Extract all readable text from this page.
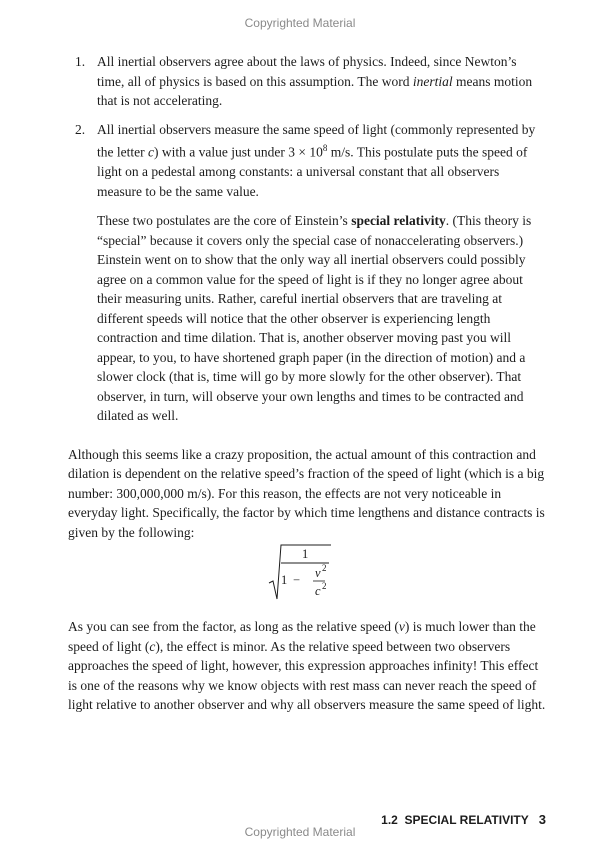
Copyrighted Material
1. All inertial observers agree about the laws of physics. Indeed, since Newton’s time, all of physics is based on this assumption. The word inertial means motion that is not accelerating.

2. All inertial observers measure the same speed of light (commonly represented by the letter c) with a value just under $3 \times 10^8$ m/s. This postulate puts the speed of light on a pedestal among constants: a universal constant that all observers measure to be the same value.

These two postulates are the core of Einstein’s special relativity. (This theory is “special” because it covers only the special case of nonaccelerating observers.) Einstein went on to show that the only way all inertial observers could possibly agree on a common value for the speed of light is if they no longer agree about their measuring units. Rather, careful inertial observers that are traveling at different speeds will notice that the other observer is experiencing length contraction and time dilation. That is, another observer moving past you will appear, to you, to have shortened graph paper (in the direction of motion) and a slower clock (that is, time will go by more slowly for the other observer). That observer, in turn, will observe your own lengths and times to be contracted and dilated as well.

Although this seems like a crazy proposition, the actual amount of this contraction and dilation is dependent on the relative speed’s fraction of the speed of light (which is a big number: 300,000,000 m/s). For this reason, the effects are not very noticeable in everyday light. Specifically, the factor by which time lengthens and distance contracts is given by the following:

1
1 − v 2
c 2

As you can see from the factor, as long as the relative speed (v) is much lower than the speed of light (c), the effect is minor. As the relative speed between two observers approaches the speed of light, however, this expression approaches infinity! This effect is one of the reasons why we know objects with rest mass can never reach the speed of light relative to another observer and why all observers measure the same speed of light.

1.2  SPECIAL RELATIVITY 3
Copyrighted Material
